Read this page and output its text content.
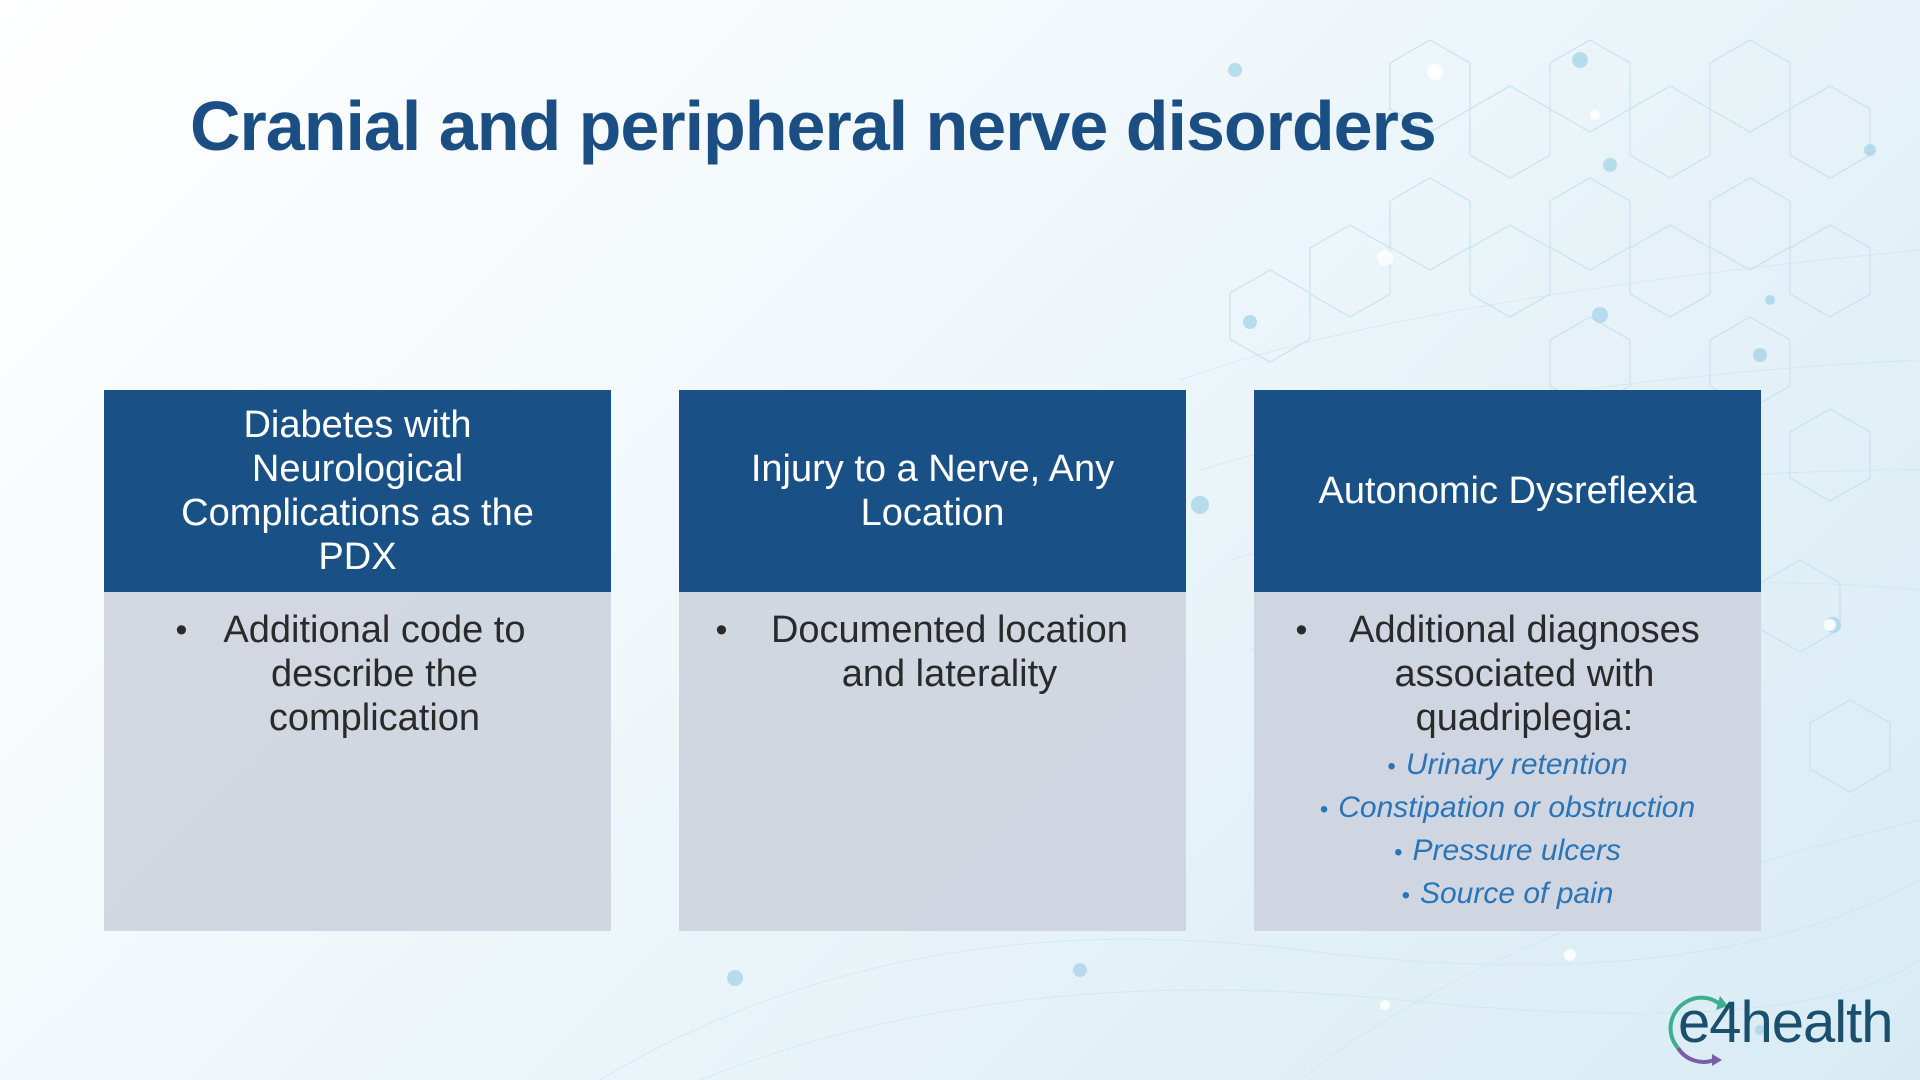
Cranial and peripheral nerve disorders
Diabetes with Neurological Complications as the PDX
• Additional code to describe the complication
Injury to a Nerve, Any Location
•	Documented location and laterality
Autonomic Dysreflexia
•	Additional diagnoses associated with quadriplegia:
• Urinary retention
• Constipation or obstruction
• Pressure ulcers
• Source of pain
e4health
